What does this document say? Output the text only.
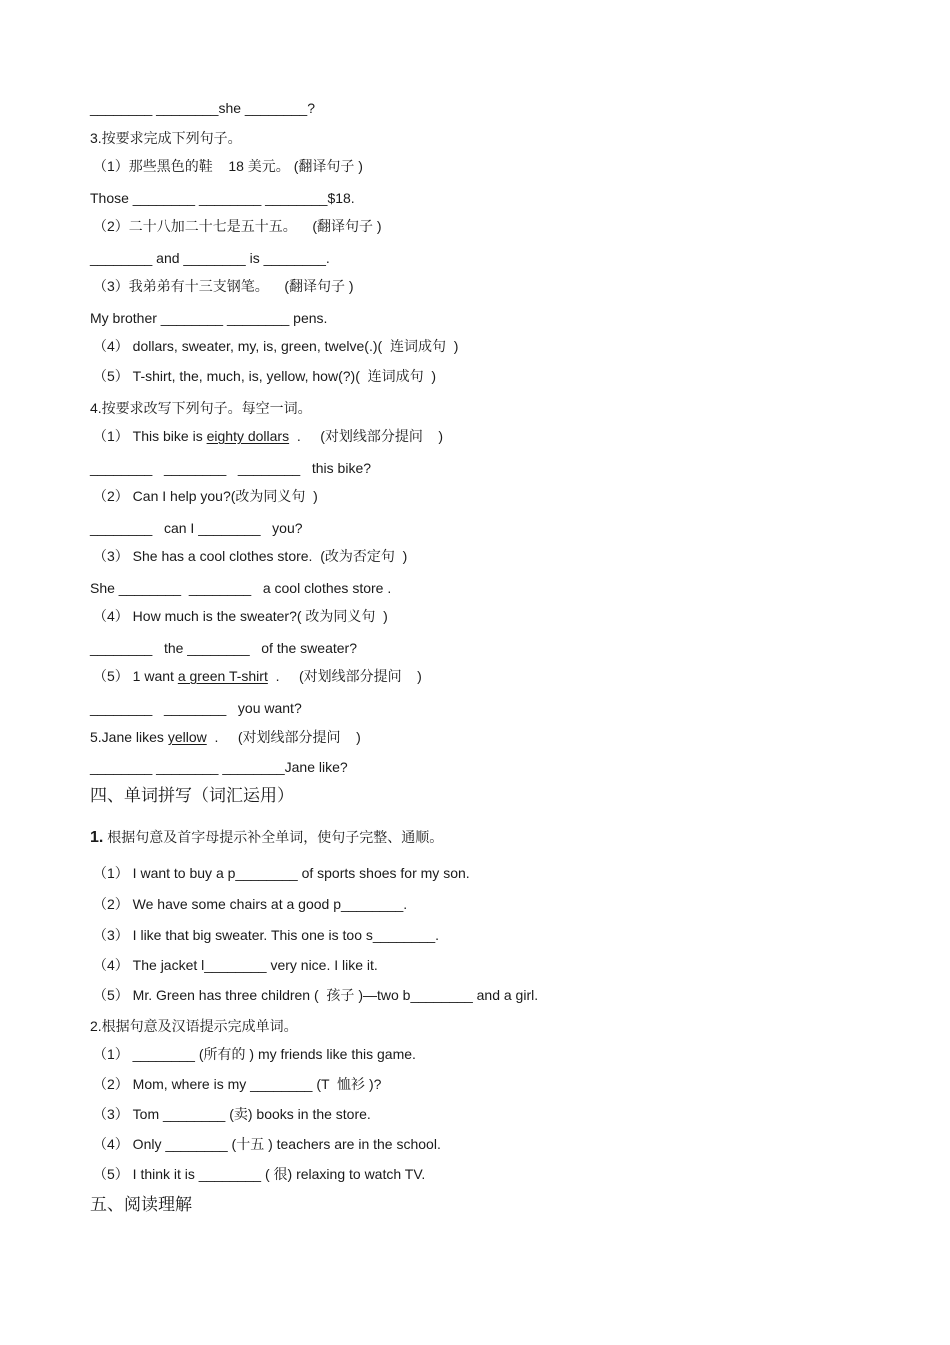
________ ________she ________?
3.按要求完成下列句子。
（1）那些黑色的鞋    18 美元。 (翻译句子 )
Those ________ ________ ________$18.
（2）二十八加二十七是五十五。    (翻译句子 )
________ and ________ is ________.
（3）我弟弟有十三支钢笔。    (翻译句子 )
My brother ________ ________ pens.
（4） dollars, sweater, my, is, green, twelve(.)(  连词成句  )
（5） T-shirt, the, much, is, yellow, how(?)(  连词成句  )
4.按要求改写下列句子。每空一词。
（1） This bike is eighty dollars  .     (对划线部分提问    )
________   ________   ________   this bike?
（2） Can I help you?(改为同义句  )
________   can I ________   you?
（3） She has a cool clothes store.  (改为否定句  )
She ________  ________   a cool clothes store .
（4） How much is the sweater?( 改为同义句  )
________   the ________   of the sweater?
（5） 1 want a green T-shirt  .     (对划线部分提问    )
________   ________   you want?
5.Jane likes yellow  .     (对划线部分提问    )
________ ________ ________Jane like?
四、单词拼写（词汇运用）
1. 根据句意及首字母提示补全单词，使句子完整、通顺。
（1） I want to buy a p________ of sports shoes for my son.
（2） We have some chairs at a good p________.
（3） I like that big sweater. This one is too s________.
（4） The jacket l________ very nice. I like it.
（5） Mr. Green has three children (  孩子 )—two b________ and a girl.
2.根据句意及汉语提示完成单词。
（1） ________ (所有的 ) my friends like this game.
（2） Mom, where is my ________ (T  恤衫 )?
（3） Tom ________ (卖) books in the store.
（4） Only ________ (十五 ) teachers are in the school.
（5） I think it is ________ ( 很) relaxing to watch TV.
五、阅读理解
